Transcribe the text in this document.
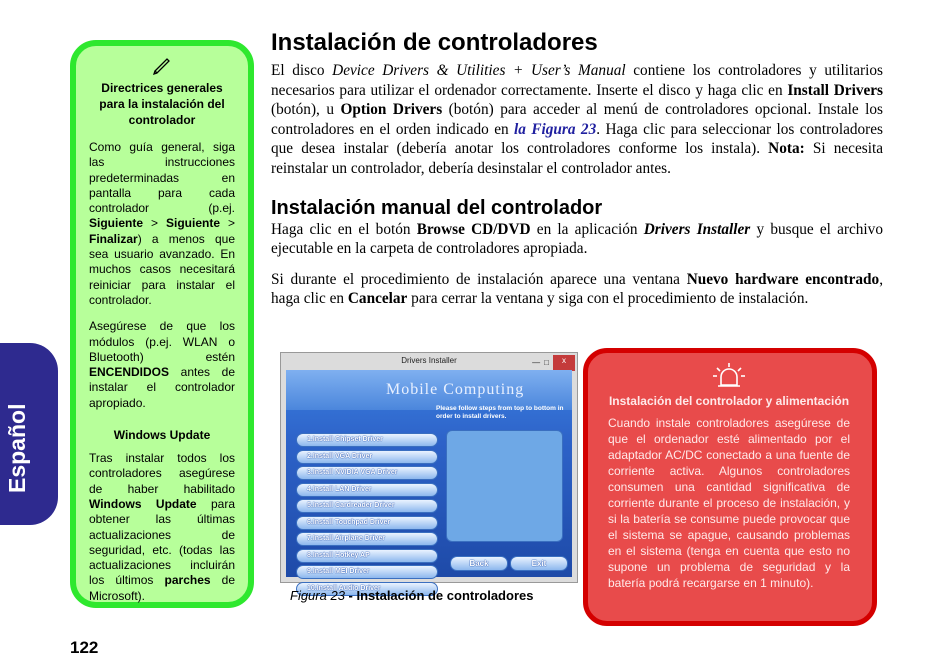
Español
Directrices generales para la instalación del controlador

Como guía general, siga las instrucciones predeterminadas en pantalla para cada controlador (p.ej. Siguiente > Siguiente > Finalizar) a menos que sea usuario avanzado. En muchos casos necesitará reiniciar para instalar el controlador.

Asegúrese de que los módulos (p.ej. WLAN o Bluetooth) estén ENCENDIDOS antes de instalar el controlador apropiado.

Windows Update

Tras instalar todos los controladores asegúrese de haber habilitado Windows Update para obtener las últimas actualizaciones de seguridad, etc. (todas las actualizaciones incluirán los últimos parches de Microsoft).

Instalación de controladores

El disco Device Drivers & Utilities + User’s Manual contiene los controladores y utilitarios necesarios para utilizar el ordenador correctamente. Inserte el disco y haga clic en Install Drivers (botón), u Option Drivers (botón) para acceder al menú de controladores opcional. Instale los controladores en el orden indicado en la Figura 23. Haga clic para seleccionar los controladores que desea instalar (debería anotar los controladores conforme los instala). Nota: Si necesita reinstalar un controlador, debería desinstalar el controlador antes.

Instalación manual del controlador

Haga clic en el botón Browse CD/DVD en la aplicación Drivers Installer y busque el archivo ejecutable en la carpeta de controladores apropiada.

Si durante el procedimiento de instalación aparece una ventana Nuevo hardware encontrado, haga clic en Cancelar para cerrar la ventana y siga con el procedimiento de instalación.

Drivers Installer	— □	x
Mobile Computing
Please follow steps from top to bottom in order to install drivers.
1.Install Chipset Driver
2.Install VGA Driver
3.Install NVIDIA VGA Driver
4.Install LAN Driver
5.Install Cardreader Driver
6.Install Touchpad Driver
7.Install Airplane Driver
8.Install Hotkey AP
9.Install MEI Driver
10.Install Audio Driver
Back	Exit
Figura 23 - Instalación de controladores
Instalación del controlador y alimentación

Cuando instale controladores asegúrese de que el ordenador esté alimentado por el adaptador AC/DC conectado a una fuente de corriente activa. Algunos controladores consumen una cantidad significativa de corriente durante el proceso de instalación, y si la batería se consume puede provocar que el sistema se apague, causando problemas en el sistema (tenga en cuenta que esto no supone un problema de seguridad y la batería podrá recargarse en 1 minuto).

122
